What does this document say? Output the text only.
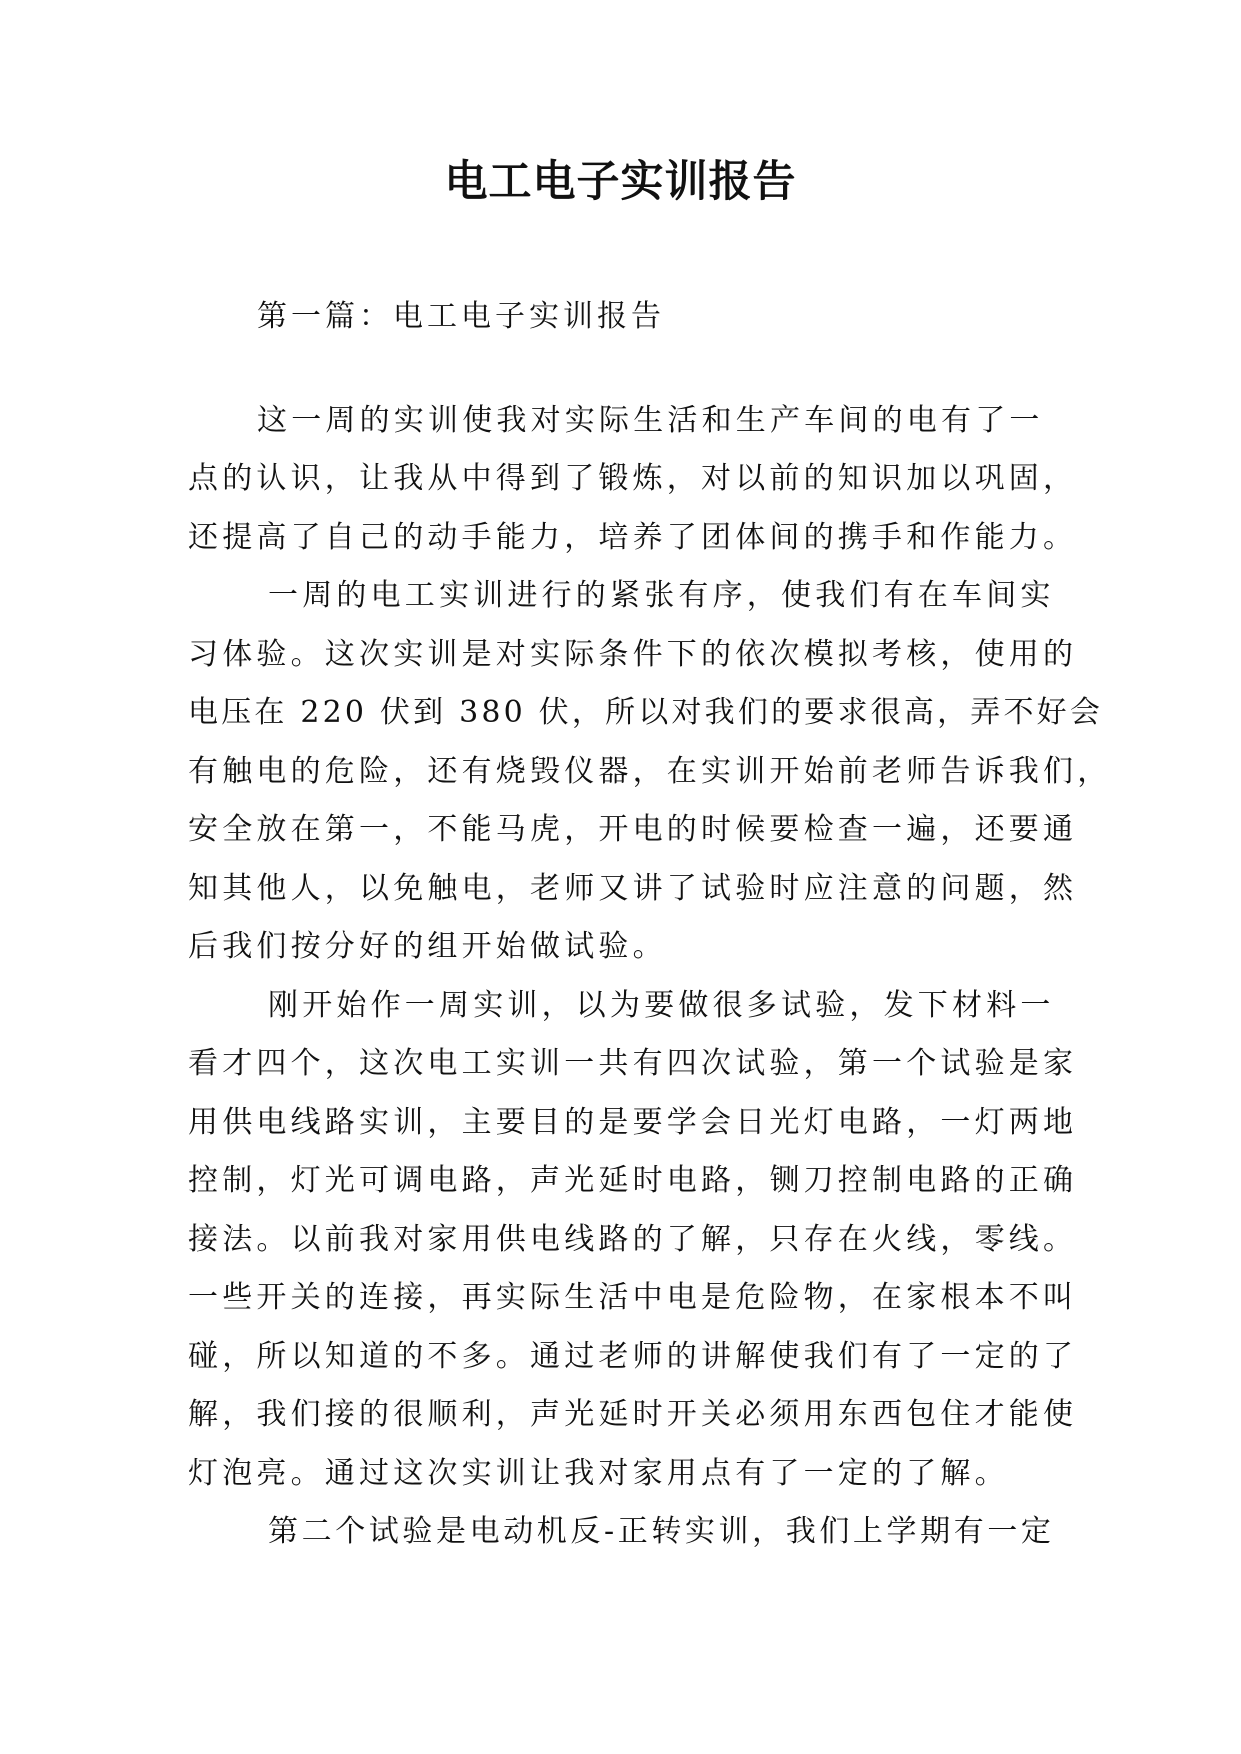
电工电子实训报告

第一篇：电工电子实训报告

这一周的实训使我对实际生活和生产车间的电有了一

点的认识，让我从中得到了锻炼，对以前的知识加以巩固，

还提高了自己的动手能力，培养了团体间的携手和作能力。

一周的电工实训进行的紧张有序，使我们有在车间实

习体验。这次实训是对实际条件下的依次模拟考核，使用的

电压在 220 伏到 380 伏，所以对我们的要求很高，弄不好会

有触电的危险，还有烧毁仪器，在实训开始前老师告诉我们，

安全放在第一，不能马虎，开电的时候要检查一遍，还要通

知其他人，以免触电，老师又讲了试验时应注意的问题，然

后我们按分好的组开始做试验。

刚开始作一周实训，以为要做很多试验，发下材料一

看才四个，这次电工实训一共有四次试验，第一个试验是家

用供电线路实训，主要目的是要学会日光灯电路，一灯两地

控制，灯光可调电路，声光延时电路，铡刀控制电路的正确

接法。以前我对家用供电线路的了解，只存在火线，零线。

一些开关的连接，再实际生活中电是危险物，在家根本不叫

碰，所以知道的不多。通过老师的讲解使我们有了一定的了

解，我们接的很顺利，声光延时开关必须用东西包住才能使

灯泡亮。通过这次实训让我对家用点有了一定的了解。

第二个试验是电动机反-正转实训，我们上学期有一定
